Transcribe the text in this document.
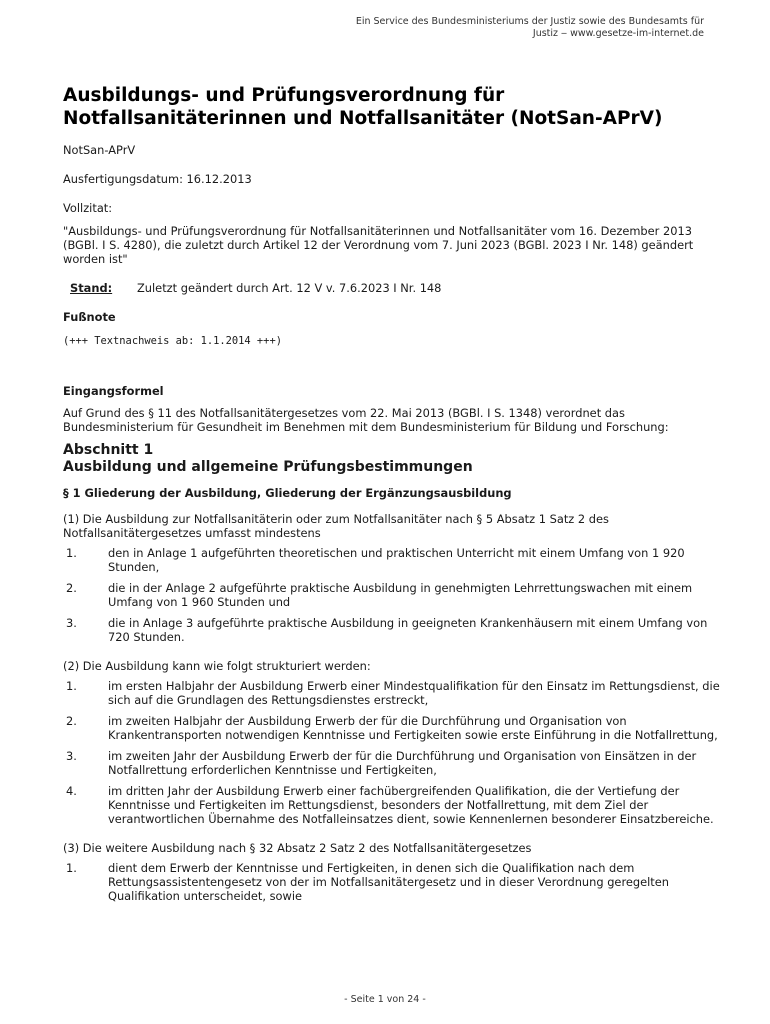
Ein Service des Bundesministeriums der Justiz sowie des Bundesamts für
Justiz ‒ www.gesetze-im-internet.de
Ausbildungs- und Prüfungsverordnung für Notfallsanitäterinnen und Notfallsanitäter (NotSan-APrV)

NotSan-APrV

Ausfertigungsdatum: 16.12.2013

Vollzitat:

"Ausbildungs- und Prüfungsverordnung für Notfallsanitäterinnen und Notfallsanitäter vom 16. Dezember 2013 (BGBl. I S. 4280), die zuletzt durch Artikel 12 der Verordnung vom 7. Juni 2023 (BGBl. 2023 I Nr. 148) geändert worden ist"

Stand:	Zuletzt geändert durch Art. 12 V v. 7.6.2023 I Nr. 148

Fußnote

(+++ Textnachweis ab: 1.1.2014 +++)

Eingangsformel

Auf Grund des § 11 des Notfallsanitätergesetzes vom 22. Mai 2013 (BGBl. I S. 1348) verordnet das Bundesministerium für Gesundheit im Benehmen mit dem Bundesministerium für Bildung und Forschung:

Abschnitt 1
Ausbildung und allgemeine Prüfungsbestimmungen

§ 1 Gliederung der Ausbildung, Gliederung der Ergänzungsausbildung

(1) Die Ausbildung zur Notfallsanitäterin oder zum Notfallsanitäter nach § 5 Absatz 1 Satz 2 des Notfallsanitätergesetzes umfasst mindestens

1.	den in Anlage 1 aufgeführten theoretischen und praktischen Unterricht mit einem Umfang von 1 920 Stunden,
2.	die in der Anlage 2 aufgeführte praktische Ausbildung in genehmigten Lehrrettungswachen mit einem Umfang von 1 960 Stunden und
3.	die in Anlage 3 aufgeführte praktische Ausbildung in geeigneten Krankenhäusern mit einem Umfang von 720 Stunden.

(2) Die Ausbildung kann wie folgt strukturiert werden:

1.	im ersten Halbjahr der Ausbildung Erwerb einer Mindestqualifikation für den Einsatz im Rettungsdienst, die sich auf die Grundlagen des Rettungsdienstes erstreckt,
2.	im zweiten Halbjahr der Ausbildung Erwerb der für die Durchführung und Organisation von Krankentransporten notwendigen Kenntnisse und Fertigkeiten sowie erste Einführung in die Notfallrettung,
3.	im zweiten Jahr der Ausbildung Erwerb der für die Durchführung und Organisation von Einsätzen in der Notfallrettung erforderlichen Kenntnisse und Fertigkeiten,
4.	im dritten Jahr der Ausbildung Erwerb einer fachübergreifenden Qualifikation, die der Vertiefung der Kenntnisse und Fertigkeiten im Rettungsdienst, besonders der Notfallrettung, mit dem Ziel der verantwortlichen Übernahme des Notfalleinsatzes dient, sowie Kennenlernen besonderer Einsatzbereiche.

(3) Die weitere Ausbildung nach § 32 Absatz 2 Satz 2 des Notfallsanitätergesetzes

1.	dient dem Erwerb der Kenntnisse und Fertigkeiten, in denen sich die Qualifikation nach dem Rettungsassistentengesetz von der im Notfallsanitätergesetz und in dieser Verordnung geregelten Qualifikation unterscheidet, sowie
- Seite 1 von 24 -
